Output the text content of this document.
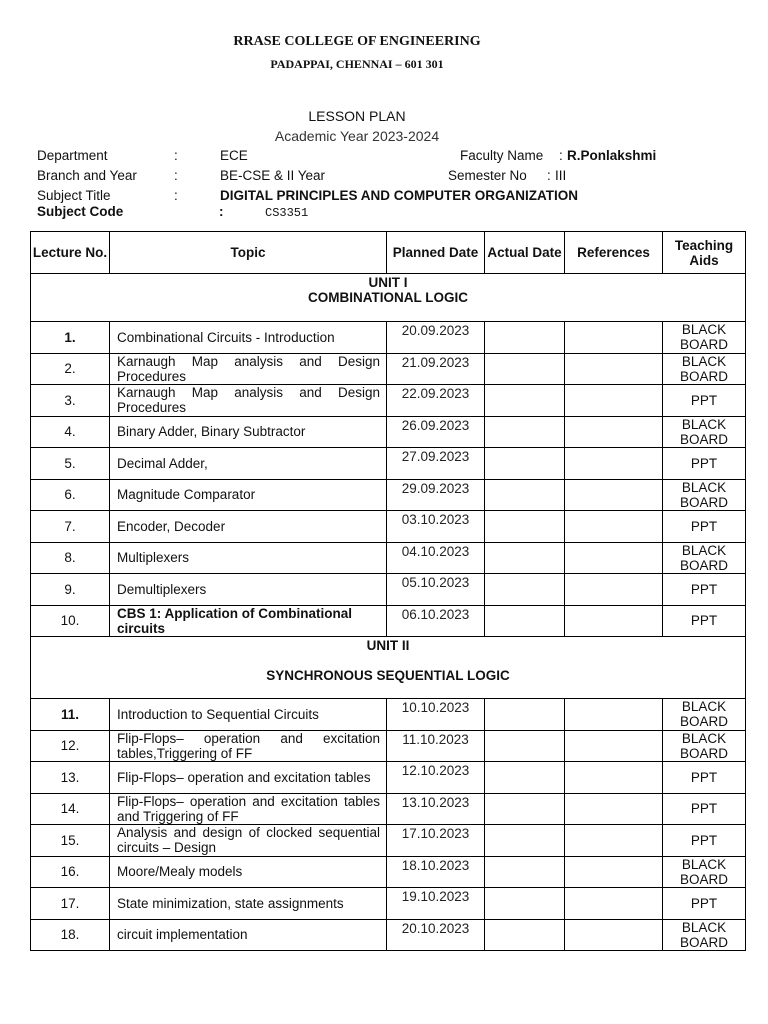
RRASE COLLEGE OF ENGINEERING
PADAPPAI, CHENNAI – 601 301
LESSON PLAN
Academic Year 2023-2024
Department	:	ECE	Faculty Name : R.Ponlakshmi
Branch and Year	:	BE-CSE & II Year	Semester No : III
Subject Title	:	DIGITAL PRINCIPLES AND COMPUTER ORGANIZATION
Subject Code	:	CS3351
Lecture No.	Topic	Planned Date	Actual Date	References	Teaching Aids

UNIT I
COMBINATIONAL LOGIC					

1.	Combinational Circuits - Introduction	20.09.2023			BLACK BOARD
2.	Karnaugh Map analysis and Design Procedures	21.09.2023			BLACK BOARD
3.	Karnaugh Map analysis and Design Procedures	22.09.2023			PPT
4.	Binary Adder, Binary Subtractor	26.09.2023			BLACK BOARD
5.	Decimal Adder,	27.09.2023			PPT
6.	Magnitude Comparator	29.09.2023			BLACK BOARD
7.	Encoder, Decoder	03.10.2023			PPT
8.	Multiplexers	04.10.2023			BLACK BOARD
9.	Demultiplexers	05.10.2023			PPT
10.	CBS 1: Application of Combinational circuits	06.10.2023			PPT

UNIT II
SYNCHRONOUS SEQUENTIAL LOGIC					

11.	Introduction to Sequential Circuits	10.10.2023			BLACK BOARD
12.	Flip-Flops– operation and excitation tables,Triggering of FF	11.10.2023			BLACK BOARD
13.	Flip-Flops– operation and excitation tables	12.10.2023			PPT
14.	Flip-Flops– operation and excitation tables and Triggering of FF	13.10.2023			PPT
15.	Analysis and design of clocked sequential circuits – Design	17.10.2023			PPT
16.	Moore/Mealy models	18.10.2023			BLACK BOARD
17.	State minimization, state assignments	19.10.2023			PPT
18.	circuit implementation	20.10.2023			BLACK BOARD
